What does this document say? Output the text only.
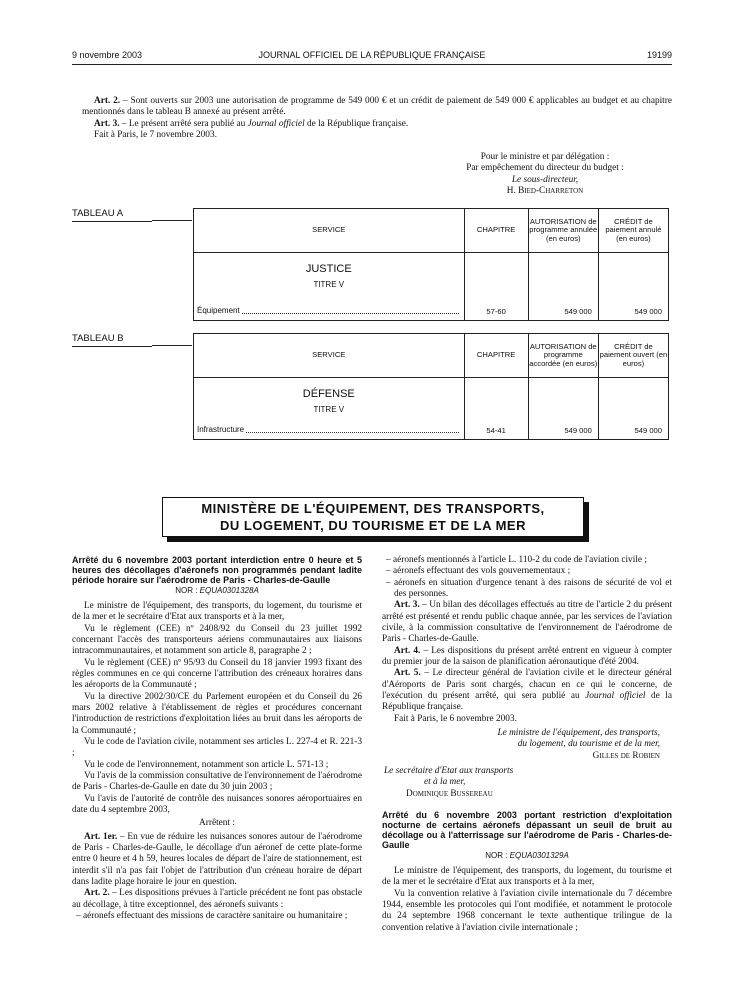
9 novembre 2003	JOURNAL OFFICIEL DE LA RÉPUBLIQUE FRANÇAISE	19199

Art. 2. – Sont ouverts sur 2003 une autorisation de programme de 549 000 € et un crédit de paiement de 549 000 € applicables au budget et au chapitre mentionnés dans le tableau B annexé au présent arrêté.

Art. 3. – Le présent arrêté sera publié au Journal officiel de la République française.

Fait à Paris, le 7 novembre 2003.

Pour le ministre et par délégation :
Par empêchement du directeur du budget :
Le sous-directeur,
H. Bied-Charreton
TABLEAU A
SERVICE	CHAPITRE	AUTORISATION de programme annulée (en euros)	CRÉDIT de paiement annulé (en euros)

JUSTICE
TITRE V
Équipement	57-60	549 000	549 000
TABLEAU B
SERVICE	CHAPITRE	AUTORISATION de programme accordée (en euros)	CRÉDIT de paiement ouvert (en euros)

DÉFENSE
TITRE V
Infrastructure	54-41	549 000	549 000
MINISTÈRE DE L'ÉQUIPEMENT, DES TRANSPORTS,
DU LOGEMENT, DU TOURISME ET DE LA MER
Arrêté du 6 novembre 2003 portant interdiction entre 0 heure et 5 heures des décollages d'aéronefs non programmés pendant ladite période horaire sur l'aérodrome de Paris - Charles-de-Gaulle
NOR : EQUA0301328A

Le ministre de l'équipement, des transports, du logement, du tourisme et de la mer et le secrétaire d'Etat aux transports et à la mer,

Vu le règlement (CEE) nº 2408/92 du Conseil du 23 juillet 1992 concernant l'accès des transporteurs aériens communautaires aux liaisons intracommunautaires, et notamment son article 8, paragraphe 2 ;

Vu le règlement (CEE) nº 95/93 du Conseil du 18 janvier 1993 fixant des règles communes en ce qui concerne l'attribution des créneaux horaires dans les aéroports de la Communauté ;

Vu la directive 2002/30/CE du Parlement européen et du Conseil du 26 mars 2002 relative à l'établissement de règles et procédures concernant l'introduction de restrictions d'exploitation liées au bruit dans les aéroports de la Communauté ;

Vu le code de l'aviation civile, notamment ses articles L. 227-4 et R. 221-3 ;

Vu le code de l'environnement, notamment son article L. 571-13 ;

Vu l'avis de la commission consultative de l'environnement de l'aérodrome de Paris - Charles-de-Gaulle en date du 30 juin 2003 ;

Vu l'avis de l'autorité de contrôle des nuisances sonores aéroportuaires en date du 4 septembre 2003,

Arrêtent :

Art. 1er. – En vue de réduire les nuisances sonores autour de l'aérodrome de Paris - Charles-de-Gaulle, le décollage d'un aéronef de cette plate-forme entre 0 heure et 4 h 59, heures locales de départ de l'aire de stationnement, est interdit s'il n'a pas fait l'objet de l'attribution d'un créneau horaire de départ dans ladite plage horaire le jour en question.

Art. 2. – Les dispositions prévues à l'article précédent ne font pas obstacle au décollage, à titre exceptionnel, des aéronefs suivants :

– aéronefs effectuant des missions de caractère sanitaire ou humanitaire ;

– aéronefs mentionnés à l'article L. 110-2 du code de l'aviation civile ;

– aéronefs effectuant des vols gouvernementaux ;

– aéronefs en situation d'urgence tenant à des raisons de sécurité de vol et des personnes.

Art. 3. – Un bilan des décollages effectués au titre de l'article 2 du présent arrêté est présenté et rendu public chaque année, par les services de l'aviation civile, à la commission consultative de l'environnement de l'aérodrome de Paris - Charles-de-Gaulle.

Art. 4. – Les dispositions du présent arrêté entrent en vigueur à compter du premier jour de la saison de planification aéronautique d'été 2004.

Art. 5. – Le directeur général de l'aviation civile et le directeur général d'Aéroports de Paris sont chargés, chacun en ce qui le concerne, de l'exécution du présent arrêté, qui sera publié au Journal officiel de la République française.

Fait à Paris, le 6 novembre 2003.

Le ministre de l'équipement, des transports,
du logement, du tourisme et de la mer,
Gilles de Robien
Le secrétaire d'Etat aux transports
et à la mer,
Dominique Bussereau
Arrêté du 6 novembre 2003 portant restriction d'exploitation nocturne de certains aéronefs dépassant un seuil de bruit au décollage ou à l'atterrissage sur l'aérodrome de Paris - Charles-de-Gaulle
NOR : EQUA0301329A

Le ministre de l'équipement, des transports, du logement, du tourisme et de la mer et le secrétaire d'Etat aux transports et à la mer,

Vu la convention relative à l'aviation civile internationale du 7 décembre 1944, ensemble les protocoles qui l'ont modifiée, et notamment le protocole du 24 septembre 1968 concernant le texte authentique trilingue de la convention relative à l'aviation civile internationale ;
